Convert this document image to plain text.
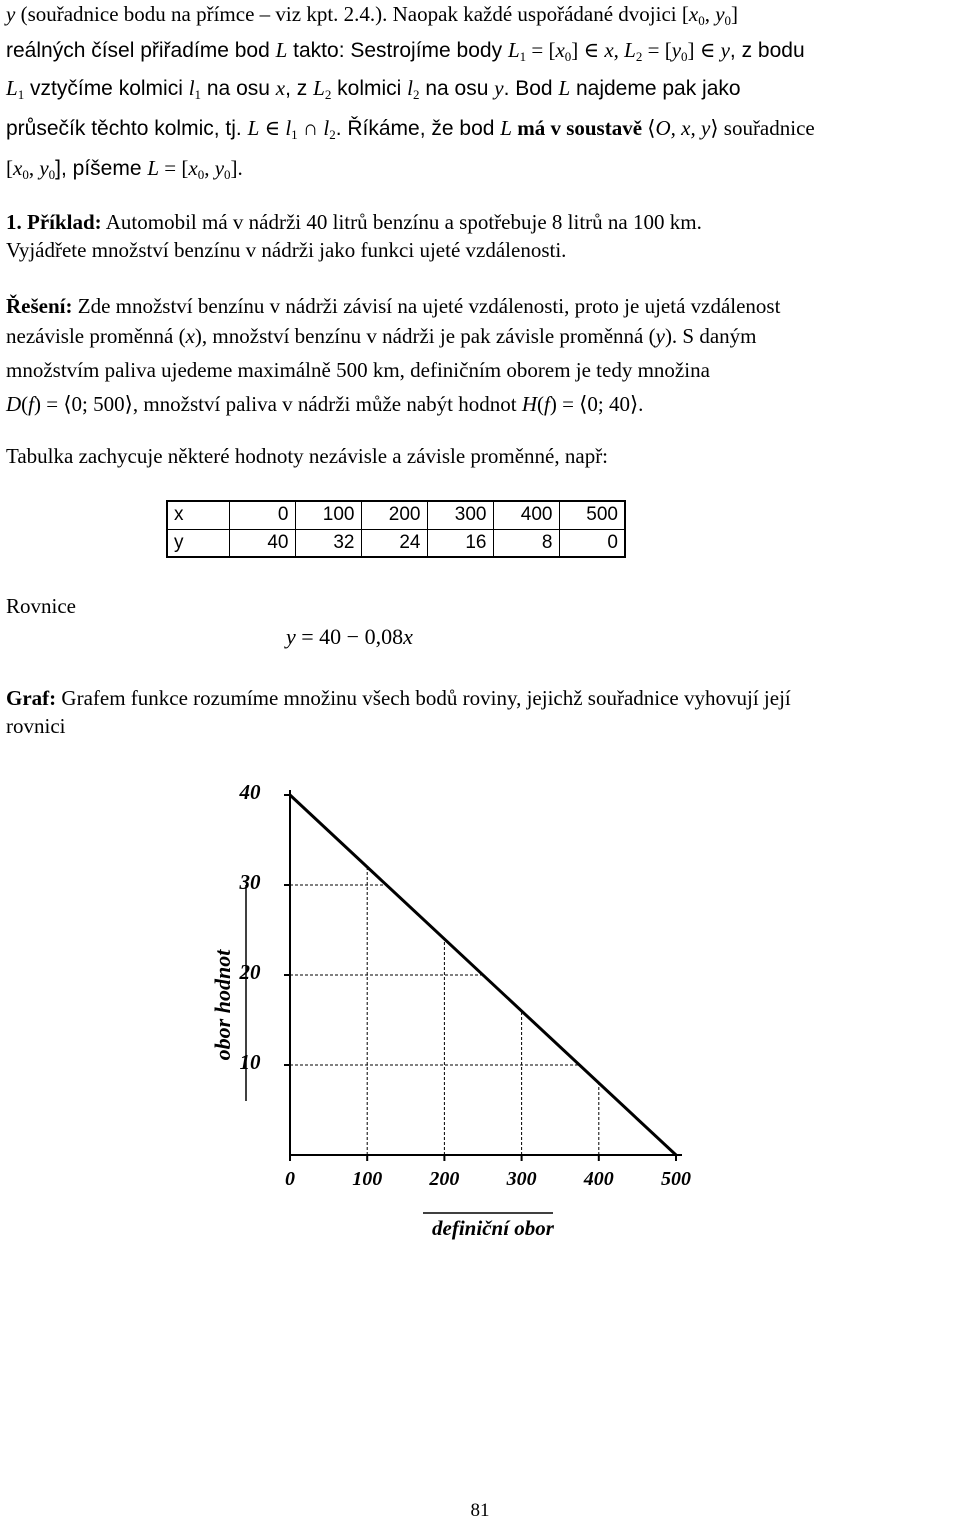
y (souřadnice bodu na přímce – viz kpt. 2.4.). Naopak každé uspořádané dvojici [$x_0$, $y_0$]
reálných čísel přiřadíme bod L takto: Sestrojíme body $L_1 = [x_0]$ ∈ x, $L_2 = [y_0]$ ∈ y, z bodu
$L_1$ vztyčíme kolmici $l_1$ na osu x, z $L_2$ kolmici $l_2$ na osu y. Bod L najdeme pak jako
průsečík těchto kolmic, tj. L ∈ $l_1$ ∩ $l_2$. Říkáme, že bod L má v soustavě ⟨O, x, y⟩ souřadnice
[$x_0$, $y_0$], píšeme $L = [x_0$, $y_0$].
1. Příklad: Automobil má v nádrži 40 litrů benzínu a spotřebuje 8 litrů na 100 km.
Vyjádřete množství benzínu v nádrži jako funkci ujeté vzdálenosti.
Řešení: Zde množství benzínu v nádrži závisí na ujeté vzdálenosti, proto je ujetá vzdálenost
nezávisle proměnná (x), množství benzínu v nádrži je pak závisle proměnná (y). S daným
množstvím paliva ujedeme maximálně 500 km, definičním oborem je tedy množina
D(f) = ⟨0; 500⟩, množství paliva v nádrži může nabýt hodnot H(f) = ⟨0; 40⟩.
Tabulka zachycuje některé hodnoty nezávisle a závisle proměnné, např:
x	0	100	200	300	400	500
y	40	32	24	16	8	0
Rovnice
y = 40 − 0,08x
Graf: Grafem funkce rozumíme množinu všech bodů roviny, jejichž souřadnice vyhovují její
rovnici
10
20
30
40
0	100 200 300 400 500
definiční obor
obor hodnot
81
